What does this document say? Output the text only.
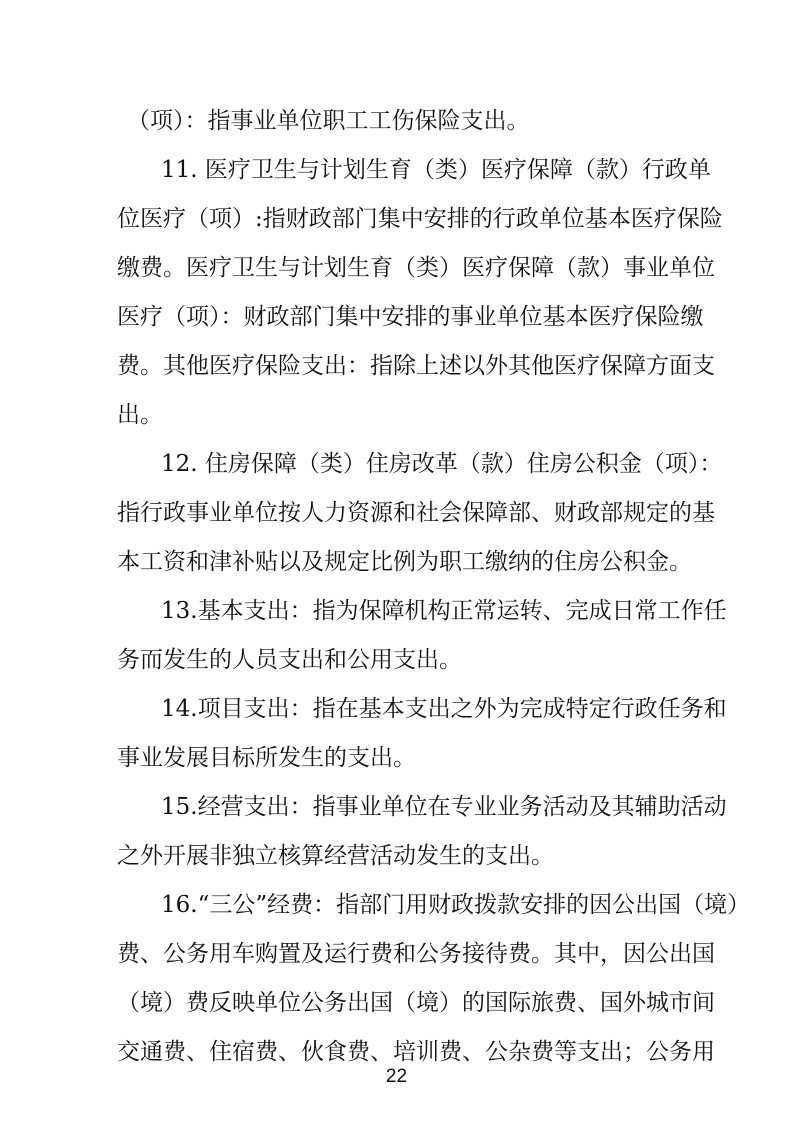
（项）：指事业单位职工工伤保险支出。
11. 医疗卫生与计划生育（类）医疗保障（款）行政单
位医疗（项）:指财政部门集中安排的行政单位基本医疗保险
缴费。医疗卫生与计划生育（类）医疗保障（款）事业单位
医疗（项）：财政部门集中安排的事业单位基本医疗保险缴
费。其他医疗保险支出：指除上述以外其他医疗保障方面支
出。
12. 住房保障（类）住房改革（款）住房公积金（项）：
指行政事业单位按人力资源和社会保障部、财政部规定的基
本工资和津补贴以及规定比例为职工缴纳的住房公积金。
13.基本支出：指为保障机构正常运转、完成日常工作任
务而发生的人员支出和公用支出。
14.项目支出：指在基本支出之外为完成特定行政任务和
事业发展目标所发生的支出。
15.经营支出：指事业单位在专业业务活动及其辅助活动
之外开展非独立核算经营活动发生的支出。
16.“三公”经费：指部门用财政拨款安排的因公出国（境）
费、公务用车购置及运行费和公务接待费。其中，因公出国
（境）费反映单位公务出国（境）的国际旅费、国外城市间
交通费、住宿费、伙食费、培训费、公杂费等支出；公务用
22
